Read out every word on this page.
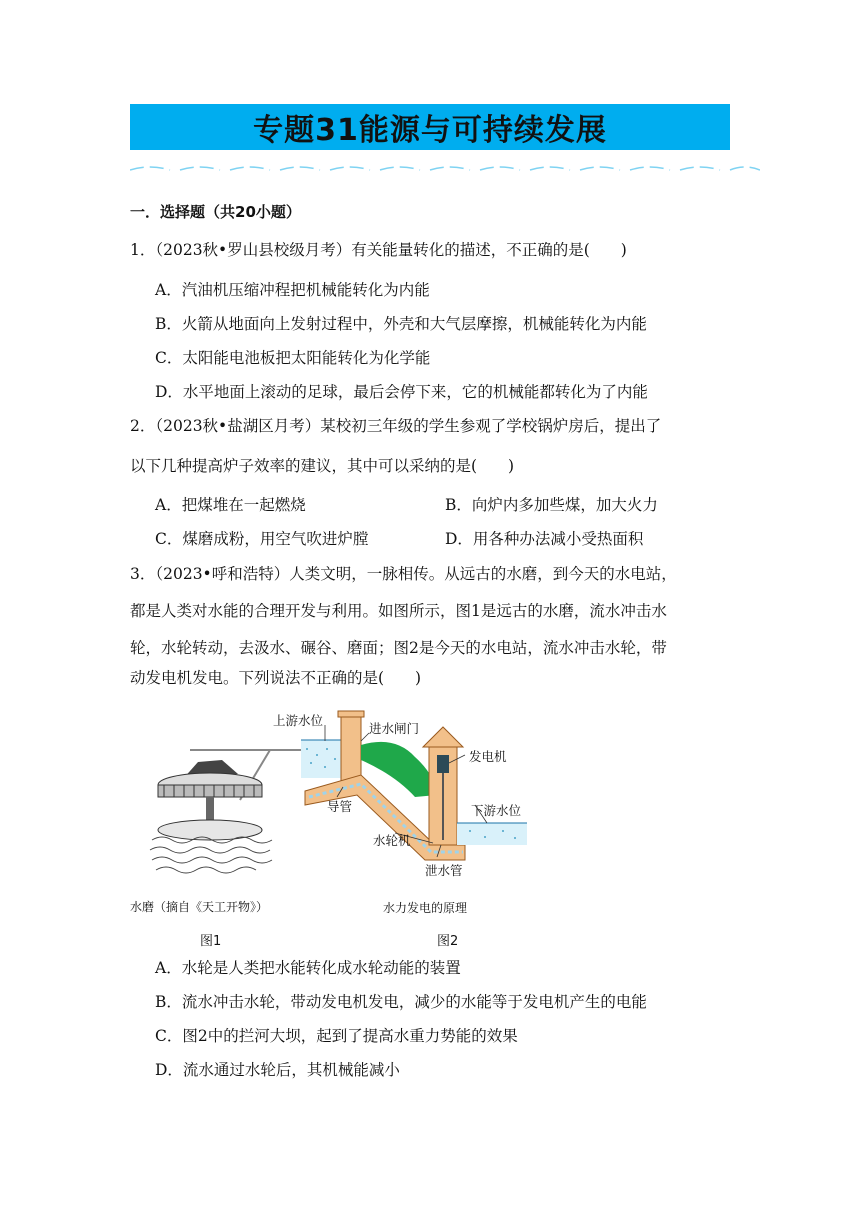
专题31能源与可持续发展
一．选择题（共20小题）
1．（2023秋•罗山县校级月考）有关能量转化的描述，不正确的是(　　)
A．汽油机压缩冲程把机械能转化为内能
B．火箭从地面向上发射过程中，外壳和大气层摩擦，机械能转化为内能
C．太阳能电池板把太阳能转化为化学能
D．水平地面上滚动的足球，最后会停下来，它的机械能都转化为了内能
2．（2023秋•盐湖区月考）某校初三年级的学生参观了学校锅炉房后，提出了
以下几种提高炉子效率的建议，其中可以采纳的是(　　)
A．把煤堆在一起燃烧	B．向炉内多加些煤，加大火力
C．煤磨成粉，用空气吹进炉膛	D．用各种办法减小受热面积
3．（2023•呼和浩特）人类文明，一脉相传。从远古的水磨，到今天的水电站，
都是人类对水能的合理开发与利用。如图所示，图1是远古的水磨，流水冲击水
轮，水轮转动，去汲水、碾谷、磨面；图2是今天的水电站，流水冲击水轮，带
动发电机发电。下列说法不正确的是(　　)
水磨（摘自《天工开物》）
图1
上游水位
进水闸门
发电机
导管	下游水位
水轮机
泄水管
水力发电的原理
图2
A．水轮是人类把水能转化成水轮动能的装置
B．流水冲击水轮，带动发电机发电，减少的水能等于发电机产生的电能
C．图2中的拦河大坝，起到了提高水重力势能的效果
D．流水通过水轮后，其机械能减小
